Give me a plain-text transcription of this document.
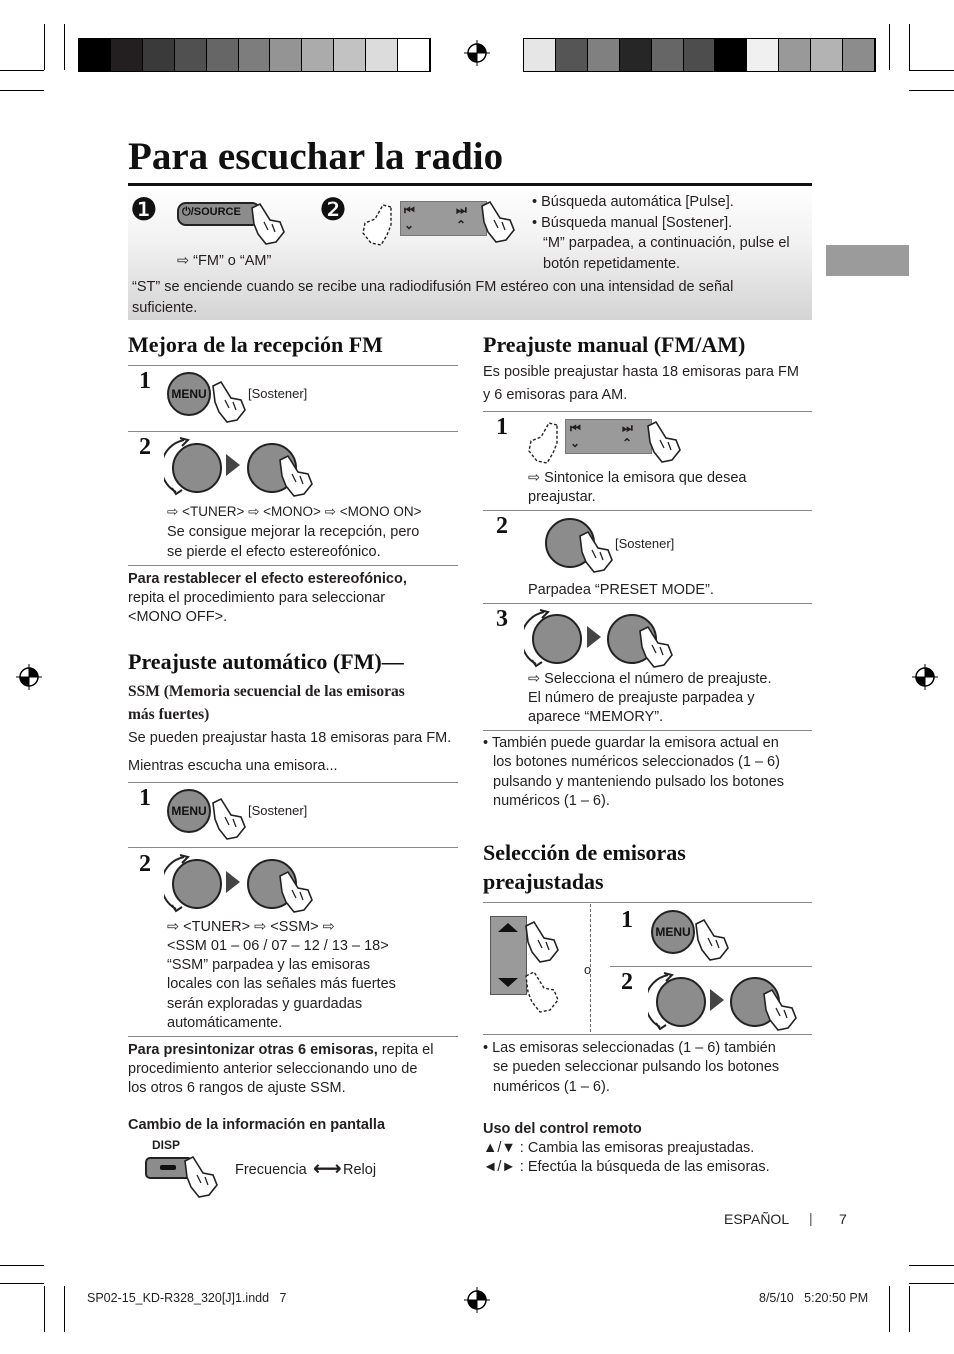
Para escuchar la radio
❶ ⏻/SOURCE
⇨ “FM” o “AM”
❷	⏮
⌄
⏭
⌃
• Búsqueda automática [Pulse].
• Búsqueda manual [Sostener].
“M” parpadea, a continuación, pulse el
botón repetidamente.
“ST” se enciende cuando se recibe una radiodifusión FM estéreo con una intensidad de señal
suficiente.
Mejora de la recepción FM
1	MENU	[Sostener]
2
⇨ <TUNER> ⇨ <MONO> ⇨ <MONO ON>
Se consigue mejorar la recepción, pero
se pierde el efecto estereofónico.
Para restablecer el efecto estereofónico,
repita el procedimiento para seleccionar
<MONO OFF>.
Preajuste automático (FM)—
SSM (Memoria secuencial de las emisoras
más fuertes)
Se pueden preajustar hasta 18 emisoras para FM.
Mientras escucha una emisora...
1	MENU	[Sostener]
2
⇨ <TUNER> ⇨ <SSM> ⇨
<SSM 01 – 06 / 07 – 12 / 13 – 18>
“SSM” parpadea y las emisoras
locales con las señales más fuertes
serán exploradas y guardadas
automáticamente.
Para presintonizar otras 6 emisoras, repita el
procedimiento anterior seleccionando uno de
los otros 6 rangos de ajuste SSM.
Cambio de la información en pantalla
DISP
Frecuencia ⟷ Reloj
Preajuste manual (FM/AM)
Es posible preajustar hasta 18 emisoras para FM
y 6 emisoras para AM.
1	⏮
⌄
⏭
⌃
⇨ Sintonice la emisora que desea
preajustar.
2
[Sostener]
Parpadea “PRESET MODE”.
3
⇨ Selecciona el número de preajuste.
El número de preajuste parpadea y
aparece “MEMORY”.
• También puede guardar la emisora actual en
los botones numéricos seleccionados (1 – 6)
pulsando y manteniendo pulsado los botones
numéricos (1 – 6).
Selección de emisoras
preajustadas
o
1	MENU
2
• Las emisoras seleccionadas (1 – 6) también
se pueden seleccionar pulsando los botones
numéricos (1 – 6).
Uso del control remoto
▲/▼ : Cambia las emisoras preajustadas.
◄/► : Efectúa la búsqueda de las emisoras.
ESPAÑOL | 7
SP02-15_KD-R328_320[J]1.indd   7	8/5/10   5:20:50 PM
